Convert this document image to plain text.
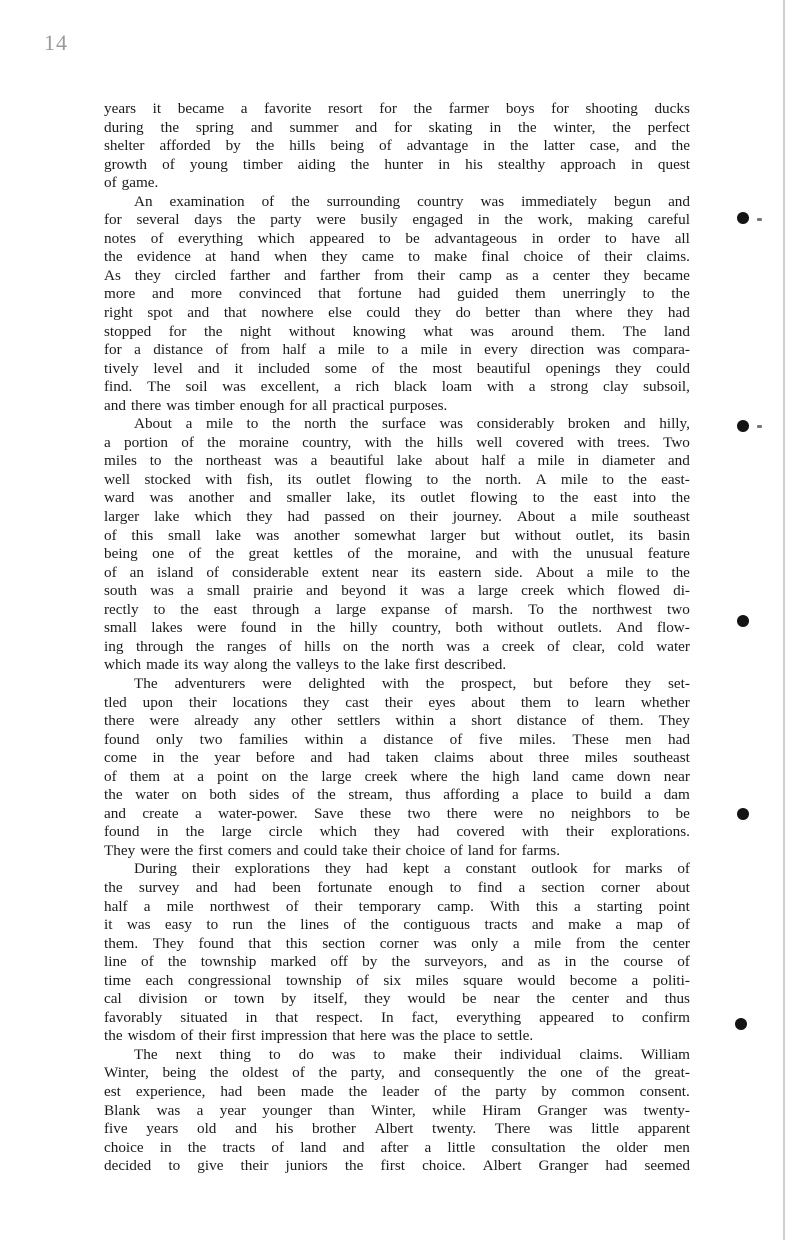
14
years it became a favorite resort for the farmer boys for shooting ducks
during the spring and summer and for skating in the winter, the perfect
shelter afforded by the hills being of advantage in the latter case, and the
growth of young timber aiding the hunter in his stealthy approach in quest
of game.
An examination of the surrounding country was immediately begun and
for several days the party were busily engaged in the work, making careful
notes of everything which appeared to be advantageous in order to have all
the evidence at hand when they came to make final choice of their claims.
As they circled farther and farther from their camp as a center they became
more and more convinced that fortune had guided them unerringly to the
right spot and that nowhere else could they do better than where they had
stopped for the night without knowing what was around them. The land
for a distance of from half a mile to a mile in every direction was compara-
tively level and it included some of the most beautiful openings they could
find. The soil was excellent, a rich black loam with a strong clay subsoil,
and there was timber enough for all practical purposes.
About a mile to the north the surface was considerably broken and hilly,
a portion of the moraine country, with the hills well covered with trees. Two
miles to the northeast was a beautiful lake about half a mile in diameter and
well stocked with fish, its outlet flowing to the north. A mile to the east-
ward was another and smaller lake, its outlet flowing to the east into the
larger lake which they had passed on their journey. About a mile southeast
of this small lake was another somewhat larger but without outlet, its basin
being one of the great kettles of the moraine, and with the unusual feature
of an island of considerable extent near its eastern side. About a mile to the
south was a small prairie and beyond it was a large creek which flowed di-
rectly to the east through a large expanse of marsh. To the northwest two
small lakes were found in the hilly country, both without outlets. And flow-
ing through the ranges of hills on the north was a creek of clear, cold water
which made its way along the valleys to the lake first described.
The adventurers were delighted with the prospect, but before they set-
tled upon their locations they cast their eyes about them to learn whether
there were already any other settlers within a short distance of them. They
found only two families within a distance of five miles. These men had
come in the year before and had taken claims about three miles southeast
of them at a point on the large creek where the high land came down near
the water on both sides of the stream, thus affording a place to build a dam
and create a water-power. Save these two there were no neighbors to be
found in the large circle which they had covered with their explorations.
They were the first comers and could take their choice of land for farms.
During their explorations they had kept a constant outlook for marks of
the survey and had been fortunate enough to find a section corner about
half a mile northwest of their temporary camp. With this a starting point
it was easy to run the lines of the contiguous tracts and make a map of
them. They found that this section corner was only a mile from the center
line of the township marked off by the surveyors, and as in the course of
time each congressional township of six miles square would become a politi-
cal division or town by itself, they would be near the center and thus
favorably situated in that respect. In fact, everything appeared to confirm
the wisdom of their first impression that here was the place to settle.
The next thing to do was to make their individual claims. William
Winter, being the oldest of the party, and consequently the one of the great-
est experience, had been made the leader of the party by common consent.
Blank was a year younger than Winter, while Hiram Granger was twenty-
five years old and his brother Albert twenty. There was little apparent
choice in the tracts of land and after a little consultation the older men
decided to give their juniors the first choice. Albert Granger had seemed
